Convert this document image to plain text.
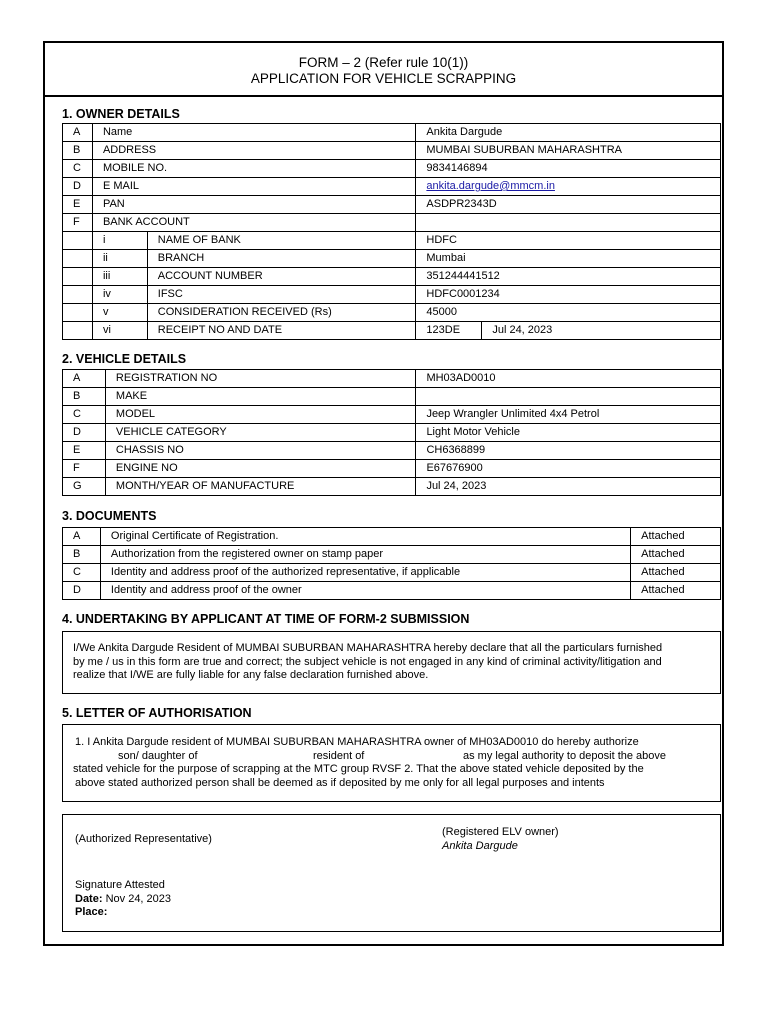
FORM – 2 (Refer rule 10(1))
APPLICATION FOR VEHICLE SCRAPPING
1. OWNER DETAILS
A	Name		Ankita Dargude	
B	ADDRESS		MUMBAI SUBURBAN MAHARASHTRA	
C	MOBILE NO.		9834146894	
D	E MAIL		ankita.dargude@mmcm.in	
E	PAN		ASDPR2343D	
F	BANK ACCOUNT			
	i	NAME OF BANK	HDFC	
	ii	BRANCH	Mumbai	
	iii	ACCOUNT NUMBER	351244441512	
	iv	IFSC	HDFC0001234	
	v	CONSIDERATION RECEIVED (Rs)	45000	
	vi	RECEIPT NO AND DATE	123DE	Jul 24, 2023
2. VEHICLE DETAILS
A	REGISTRATION NO	MH03AD0010
B	MAKE	
C	MODEL	Jeep Wrangler Unlimited 4x4 Petrol
D	VEHICLE CATEGORY	Light Motor Vehicle
E	CHASSIS NO	CH6368899
F	ENGINE NO	E67676900
G	MONTH/YEAR OF MANUFACTURE	Jul 24, 2023
3. DOCUMENTS
A	Original Certificate of Registration.	Attached
B	Authorization from the registered owner on stamp paper	Attached
C	Identity and address proof of the authorized representative, if applicable	Attached
D	Identity and address proof of the owner	Attached
4. UNDERTAKING BY APPLICANT AT TIME OF FORM-2 SUBMISSION
I/We Ankita Dargude Resident of MUMBAI SUBURBAN MAHARASHTRA hereby declare that all the particulars furnished
by me / us in this form are true and correct; the subject vehicle is not engaged in any kind of criminal activity/litigation and
realize that I/WE are fully liable for any false declaration furnished above.
5. LETTER OF AUTHORISATION
1. I Ankita Dargude resident of MUMBAI SUBURBAN MAHARASHTRA owner of MH03AD0010 do hereby authorize
son/ daughter of	resident of	as my legal authority to deposit the above
stated vehicle for the purpose of scrapping at the MTC group RVSF 2. That the above stated vehicle deposited by the
above stated authorized person shall be deemed as if deposited by me only for all legal purposes and intents
(Authorized Representative)
(Registered ELV owner)
Ankita Dargude
Signature Attested
Date: Nov 24, 2023
Place:
